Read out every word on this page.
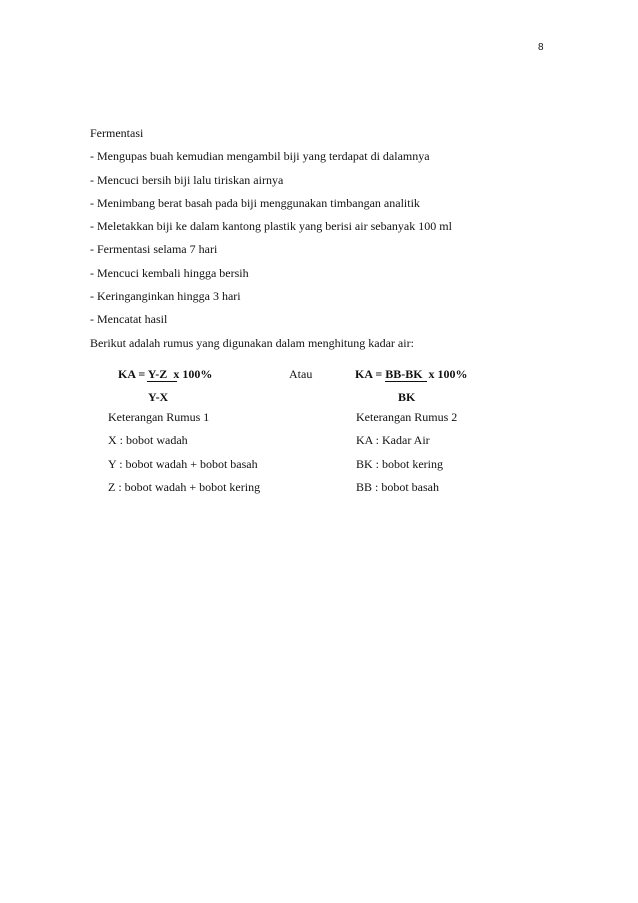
8

Fermentasi

- Mengupas buah kemudian mengambil biji yang terdapat di dalamnya

- Mencuci bersih biji lalu tiriskan airnya

- Menimbang berat basah pada biji menggunakan timbangan analitik

- Meletakkan biji ke dalam kantong plastik yang berisi air sebanyak 100 ml

- Fermentasi selama 7 hari

- Mencuci kembali hingga bersih

- Keringanginkan hingga 3 hari

- Mencatat hasil

Berikut adalah rumus yang digunakan dalam menghitung kadar air:

KA = Y-Z  x 100%
Y-X
Atau	KA = BB-BK  x 100%
BK

Keterangan Rumus 1

X : bobot wadah

Y : bobot wadah + bobot basah

Z : bobot wadah + bobot kering

Keterangan Rumus 2

KA : Kadar Air

BK : bobot kering

BB : bobot basah
